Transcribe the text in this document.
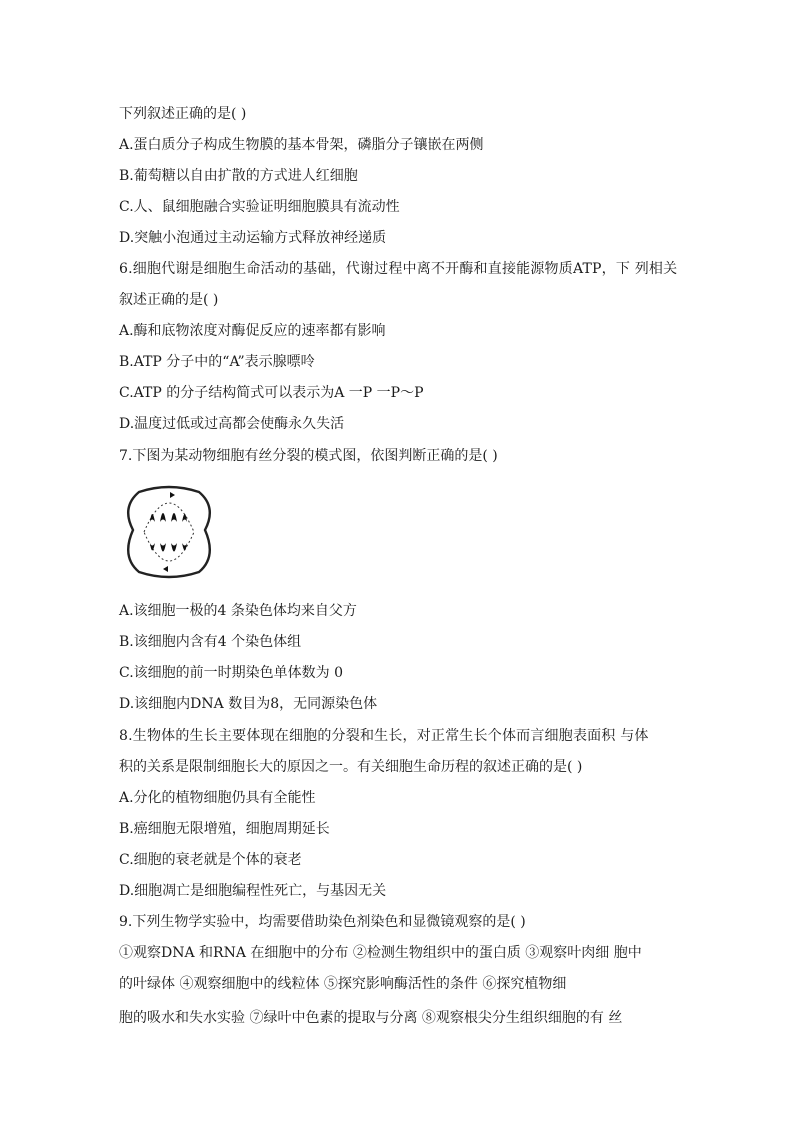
下列叙述正确的是( )
A.蛋白质分子构成生物膜的基本骨架，磷脂分子镶嵌在两侧
B.葡萄糖以自由扩散的方式进人红细胞
C.人、鼠细胞融合实验证明细胞膜具有流动性
D.突触小泡通过主动运输方式释放神经递质
6.细胞代谢是细胞生命活动的基础，代谢过程中离不开酶和直接能源物质ATP，下 列相关
叙述正确的是( )
A.酶和底物浓度对酶促反应的速率都有影响
B.ATP 分子中的“A”表示腺嘌呤
C.ATP 的分子结构简式可以表示为A 一P 一P～P
D.温度过低或过高都会使酶永久失活
7.下图为某动物细胞有丝分裂的模式图，依图判断正确的是( )
A.该细胞一极的4 条染色体均来自父方
B.该细胞内含有4 个染色体组
C.该细胞的前一时期染色单体数为 0
D.该细胞内DNA 数目为8，无同源染色体
8.生物体的生长主要体现在细胞的分裂和生长，对正常生长个体而言细胞表面积 与体
积的关系是限制细胞长大的原因之一。有关细胞生命历程的叙述正确的是( )
A.分化的植物细胞仍具有全能性
B.癌细胞无限增殖，细胞周期延长
C.细胞的衰老就是个体的衰老
D.细胞凋亡是细胞编程性死亡，与基因无关
9.下列生物学实验中，均需要借助染色剂染色和显微镜观察的是( )
①观察DNA 和RNA 在细胞中的分布 ②检测生物组织中的蛋白质 ③观察叶肉细 胞中
的叶绿体 ④观察细胞中的线粒体 ⑤探究影响酶活性的条件 ⑥探究植物细
胞的吸水和失水实验 ⑦绿叶中色素的提取与分离 ⑧观察根尖分生组织细胞的有 丝
